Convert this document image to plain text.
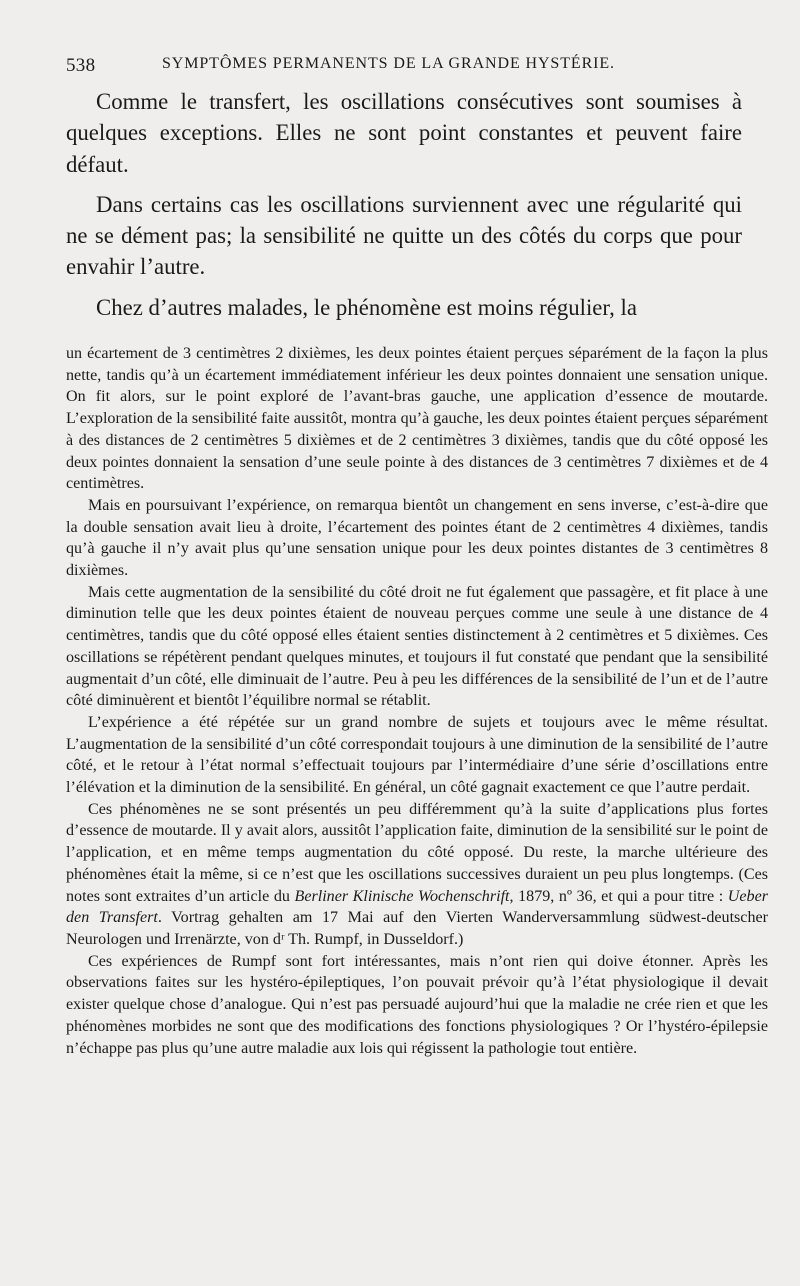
538	SYMPTÔMES PERMANENTS DE LA GRANDE HYSTÉRIE.

Comme le transfert, les oscillations consécutives sont soumises à quelques exceptions. Elles ne sont point constantes et peuvent faire défaut.

Dans certains cas les oscillations surviennent avec une régularité qui ne se dément pas; la sensibilité ne quitte un des côtés du corps que pour envahir l’autre.

Chez d’autres malades, le phénomène est moins régulier, la

un écartement de 3 centimètres 2 dixièmes, les deux pointes étaient perçues séparément de la façon la plus nette, tandis qu’à un écartement immédiatement inférieur les deux pointes donnaient une sensation unique. On fit alors, sur le point exploré de l’avant-bras gauche, une application d’essence de moutarde. L’exploration de la sensibilité faite aussitôt, montra qu’à gauche, les deux pointes étaient perçues séparément à des distances de 2 centimètres 5 dixièmes et de 2 centimètres 3 dixièmes, tandis que du côté opposé les deux pointes donnaient la sensation d’une seule pointe à des distances de 3 centimètres 7 dixièmes et de 4 centimètres.

Mais en poursuivant l’expérience, on remarqua bientôt un changement en sens inverse, c’est-à-dire que la double sensation avait lieu à droite, l’écartement des pointes étant de 2 centimètres 4 dixièmes, tandis qu’à gauche il n’y avait plus qu’une sensation unique pour les deux pointes distantes de 3 centimètres 8 dixièmes.

Mais cette augmentation de la sensibilité du côté droit ne fut également que passagère, et fit place à une diminution telle que les deux pointes étaient de nouveau perçues comme une seule à une distance de 4 centimètres, tandis que du côté opposé elles étaient senties distinctement à 2 centimètres et 5 dixièmes. Ces oscillations se répétèrent pendant quelques minutes, et toujours il fut constaté que pendant que la sensibilité augmentait d’un côté, elle diminuait de l’autre. Peu à peu les différences de la sensibilité de l’un et de l’autre côté diminuèrent et bientôt l’équilibre normal se rétablit.

L’expérience a été répétée sur un grand nombre de sujets et toujours avec le même résultat. L’augmentation de la sensibilité d’un côté correspondait toujours à une diminution de la sensibilité de l’autre côté, et le retour à l’état normal s’effectuait toujours par l’intermédiaire d’une série d’oscillations entre l’élévation et la diminution de la sensibilité. En général, un côté gagnait exactement ce que l’autre perdait.

Ces phénomènes ne se sont présentés un peu différemment qu’à la suite d’applications plus fortes d’essence de moutarde. Il y avait alors, aussitôt l’application faite, diminution de la sensibilité sur le point de l’application, et en même temps augmentation du côté opposé. Du reste, la marche ultérieure des phénomènes était la même, si ce n’est que les oscillations successives duraient un peu plus longtemps. (Ces notes sont extraites d’un article du Berliner Klinische Wochenschrift, 1879, nº 36, et qui a pour titre : Ueber den Transfert. Vortrag gehalten am 17 Mai auf den Vierten Wanderversammlung südwest-deutscher Neurologen und Irrenärzte, von dʳ Th. Rumpf, in Dusseldorf.)

Ces expériences de Rumpf sont fort intéressantes, mais n’ont rien qui doive étonner. Après les observations faites sur les hystéro-épileptiques, l’on pouvait prévoir qu’à l’état physiologique il devait exister quelque chose d’analogue. Qui n’est pas persuadé aujourd’hui que la maladie ne crée rien et que les phénomènes morbides ne sont que des modifications des fonctions physiologiques ? Or l’hystéro-épilepsie n’échappe pas plus qu’une autre maladie aux lois qui régissent la pathologie tout entière.
